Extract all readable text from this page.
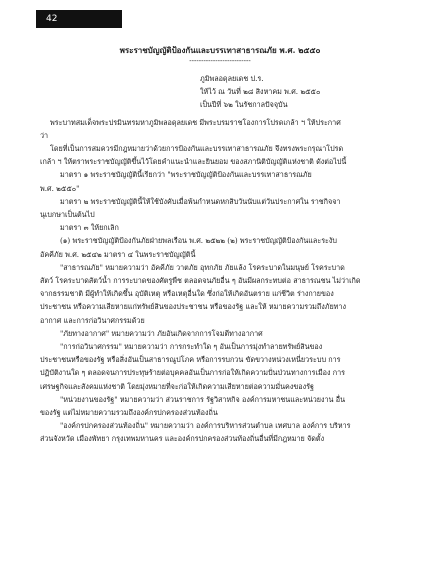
42

พระราชบัญญัติป้องกันและบรรเทาสาธารณภัย พ.ศ. ๒๕๕๐

--------------------------

ภูมิพลอดุลยเดช ป.ร.

ให้ไว้ ณ วันที่ ๒๘ สิงหาคม พ.ศ. ๒๕๕๐

เป็นปีที่ ๖๒ ในรัชกาลปัจจุบัน

พระบาทสมเด็จพระปรมินทรมหาภูมิพลอดุลยเดช มีพระบรมราชโองการโปรดเกล้า ฯ ให้ประกาศ

ว่า

โดยที่เป็นการสมควรมีกฎหมายว่าด้วยการป้องกันและบรรเทาสาธารณภัย จึงทรงพระกรุณาโปรด

เกล้า ฯ ให้ตราพระราชบัญญัติขึ้นไว้โดยคำแนะนำและยินยอม ของสภานิติบัญญัติแห่งชาติ ดังต่อไปนี้

มาตรา ๑ พระราชบัญญัตินี้เรียกว่า "พระราชบัญญัติป้องกันและบรรเทาสาธารณภัย

พ.ศ. ๒๕๕๐"

มาตรา ๒ พระราชบัญญัตินี้ให้ใช้บังคับเมื่อพ้นกำหนดหกสิบวันนับแต่วันประกาศใน ราชกิจจา

นุเบกษาเป็นต้นไป

มาตรา ๓ ให้ยกเลิก

(๑) พระราชบัญญัติป้องกันภัยฝ่ายพลเรือน พ.ศ. ๒๕๒๒ (๒) พระราชบัญญัติป้องกันและระงับ

อัคคีภัย พ.ศ. ๒๕๔๒ มาตรา ๔ ในพระราชบัญญัตินี้

"สาธารณภัย" หมายความว่า อัคคีภัย วาตภัย อุทกภัย ภัยแล้ง โรคระบาดในมนุษย์ โรคระบาด

สัตว์ โรคระบาดสัตว์น้ำ การระบาดของศัตรูพืช ตลอดจนภัยอื่น ๆ อันมีผลกระทบต่อ สาธารณชน ไม่ว่าเกิด

จากธรรมชาติ มีผู้ทำให้เกิดขึ้น อุบัติเหตุ หรือเหตุอื่นใด ซึ่งก่อให้เกิดอันตราย แก่ชีวิต ร่างกายของ

ประชาชน หรือความเสียหายแก่ทรัพย์สินของประชาชน หรือของรัฐ และให้ หมายความรวมถึงภัยทาง

อากาศ และการก่อวินาศกรรมด้วย

"ภัยทางอากาศ" หมายความว่า ภัยอันเกิดจากการโจมตีทางอากาศ

"การก่อวินาศกรรม" หมายความว่า การกระทำใด ๆ อันเป็นการมุ่งทำลายทรัพย์สินของ

ประชาชนหรือของรัฐ หรือสิ่งอันเป็นสาธารณูปโภค หรือการรบกวน ขัดขวางหน่วงเหนี่ยวระบบ การ

ปฏิบัติงานใด ๆ ตลอดจนการประทุษร้ายต่อบุคคลอันเป็นการก่อให้เกิดความปั่นป่วนทางการเมือง การ

เศรษฐกิจและสังคมแห่งชาติ โดยมุ่งหมายที่จะก่อให้เกิดความเสียหายต่อความมั่นคงของรัฐ

"หน่วยงานของรัฐ" หมายความว่า ส่วนราชการ รัฐวิสาหกิจ องค์การมหาชนและหน่วยงาน อื่น

ของรัฐ แต่ไม่หมายความรวมถึงองค์กรปกครองส่วนท้องถิ่น

"องค์กรปกครองส่วนท้องถิ่น" หมายความว่า องค์การบริหารส่วนตำบล เทศบาล องค์การ บริหาร

ส่วนจังหวัด เมืองพัทยา กรุงเทพมหานคร และองค์กรปกครองส่วนท้องถิ่นอื่นที่มีกฎหมาย จัดตั้ง
